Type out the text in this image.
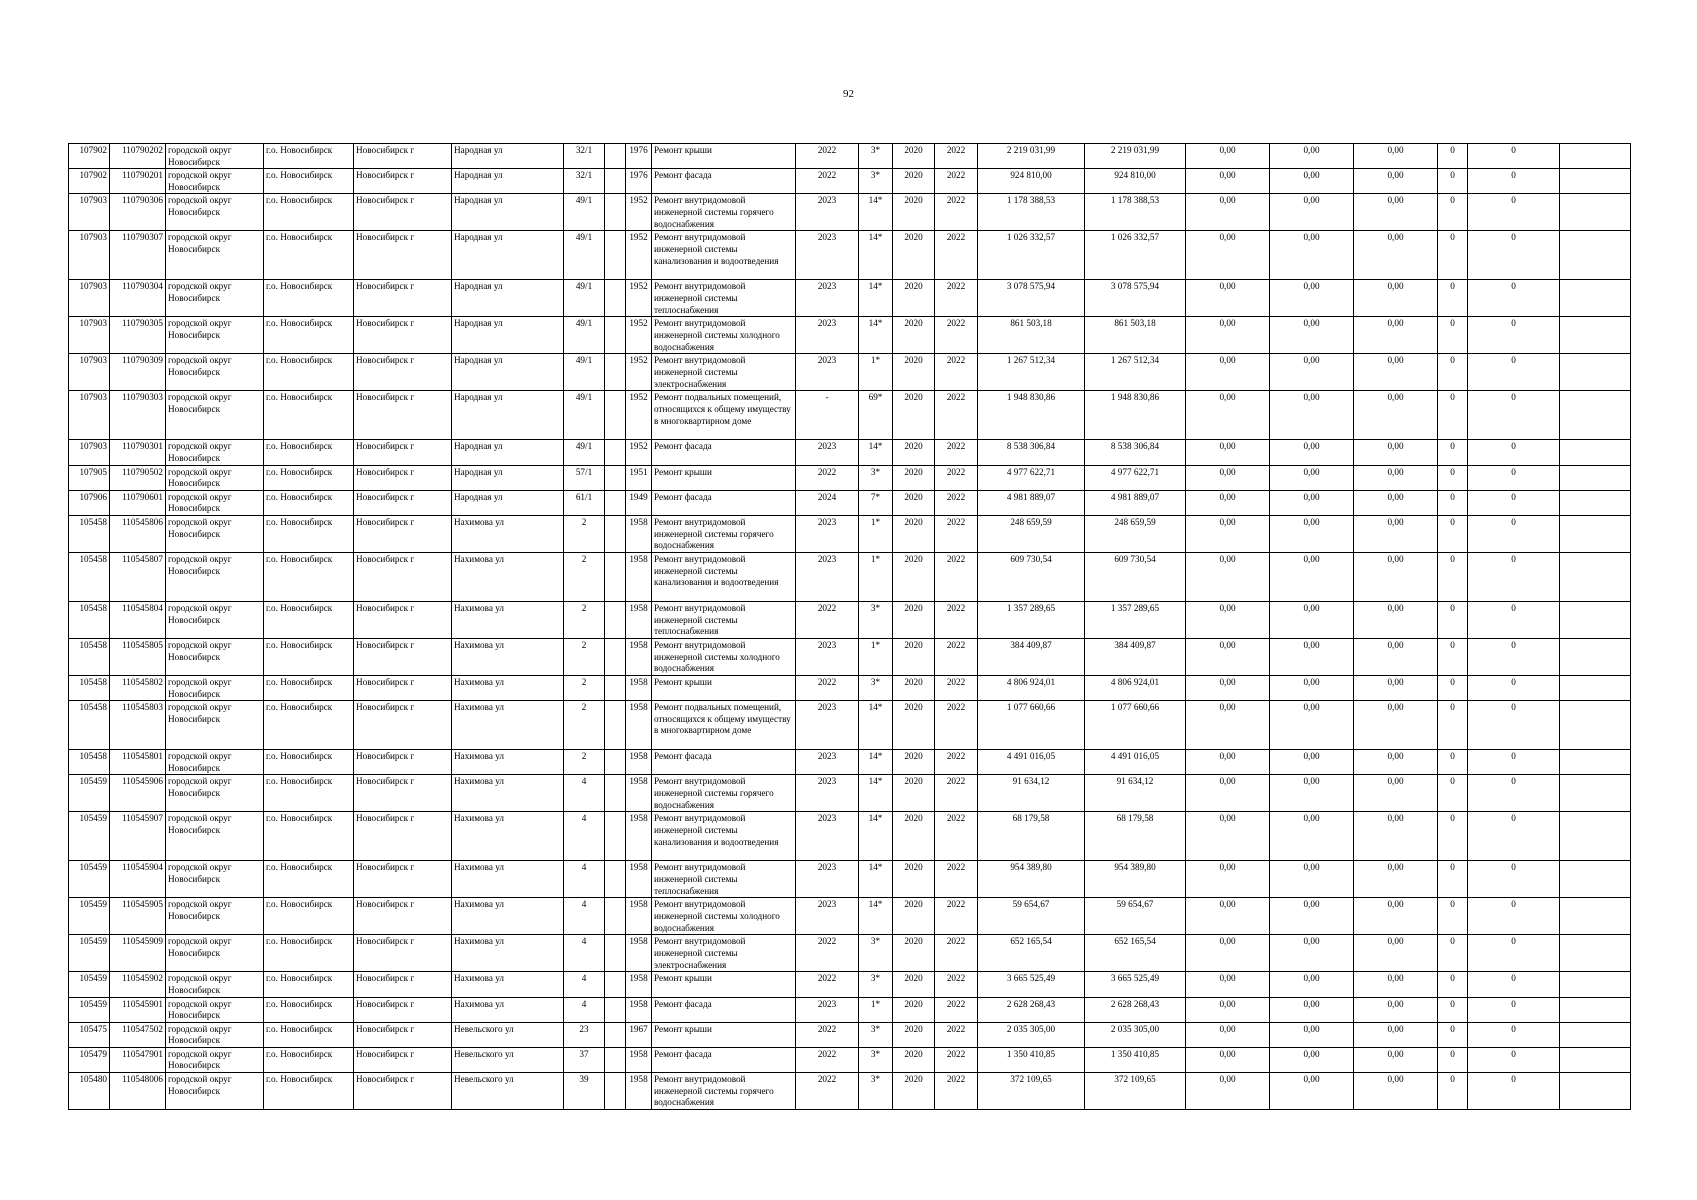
92
107902	110790202	городской округ Новосибирск	г.о. Новосибирск	Новосибирск г	Народная ул	32/1		1976	Ремонт крыши	2022	3*	2020	2022	2 219 031,99	2 219 031,99	0,00	0,00	0,00	0	0	
107902	110790201	городской округ Новосибирск	г.о. Новосибирск	Новосибирск г	Народная ул	32/1		1976	Ремонт фасада	2022	3*	2020	2022	924 810,00	924 810,00	0,00	0,00	0,00	0	0	
107903	110790306	городской округ Новосибирск	г.о. Новосибирск	Новосибирск г	Народная ул	49/1		1952	Ремонт внутридомовой инженерной системы горячего водоснабжения	2023	14*	2020	2022	1 178 388,53	1 178 388,53	0,00	0,00	0,00	0	0	
107903	110790307	городской округ Новосибирск	г.о. Новосибирск	Новосибирск г	Народная ул	49/1		1952	Ремонт внутридомовой инженерной системы канализования и водоотведения	2023	14*	2020	2022	1 026 332,57	1 026 332,57	0,00	0,00	0,00	0	0	
107903	110790304	городской округ Новосибирск	г.о. Новосибирск	Новосибирск г	Народная ул	49/1		1952	Ремонт внутридомовой инженерной системы теплоснабжения	2023	14*	2020	2022	3 078 575,94	3 078 575,94	0,00	0,00	0,00	0	0	
107903	110790305	городской округ Новосибирск	г.о. Новосибирск	Новосибирск г	Народная ул	49/1		1952	Ремонт внутридомовой инженерной системы холодного водоснабжения	2023	14*	2020	2022	861 503,18	861 503,18	0,00	0,00	0,00	0	0	
107903	110790309	городской округ Новосибирск	г.о. Новосибирск	Новосибирск г	Народная ул	49/1		1952	Ремонт внутридомовой инженерной системы электроснабжения	2023	1*	2020	2022	1 267 512,34	1 267 512,34	0,00	0,00	0,00	0	0	
107903	110790303	городской округ Новосибирск	г.о. Новосибирск	Новосибирск г	Народная ул	49/1		1952	Ремонт подвальных помещений, относящихся к общему имуществу в многоквартирном доме	-	69*	2020	2022	1 948 830,86	1 948 830,86	0,00	0,00	0,00	0	0	
107903	110790301	городской округ Новосибирск	г.о. Новосибирск	Новосибирск г	Народная ул	49/1		1952	Ремонт фасада	2023	14*	2020	2022	8 538 306,84	8 538 306,84	0,00	0,00	0,00	0	0	
107905	110790502	городской округ Новосибирск	г.о. Новосибирск	Новосибирск г	Народная ул	57/1		1951	Ремонт крыши	2022	3*	2020	2022	4 977 622,71	4 977 622,71	0,00	0,00	0,00	0	0	
107906	110790601	городской округ Новосибирск	г.о. Новосибирск	Новосибирск г	Народная ул	61/1		1949	Ремонт фасада	2024	7*	2020	2022	4 981 889,07	4 981 889,07	0,00	0,00	0,00	0	0	
105458	110545806	городской округ Новосибирск	г.о. Новосибирск	Новосибирск г	Нахимова ул	2		1958	Ремонт внутридомовой инженерной системы горячего водоснабжения	2023	1*	2020	2022	248 659,59	248 659,59	0,00	0,00	0,00	0	0	
105458	110545807	городской округ Новосибирск	г.о. Новосибирск	Новосибирск г	Нахимова ул	2		1958	Ремонт внутридомовой инженерной системы канализования и водоотведения	2023	1*	2020	2022	609 730,54	609 730,54	0,00	0,00	0,00	0	0	
105458	110545804	городской округ Новосибирск	г.о. Новосибирск	Новосибирск г	Нахимова ул	2		1958	Ремонт внутридомовой инженерной системы теплоснабжения	2022	3*	2020	2022	1 357 289,65	1 357 289,65	0,00	0,00	0,00	0	0	
105458	110545805	городской округ Новосибирск	г.о. Новосибирск	Новосибирск г	Нахимова ул	2		1958	Ремонт внутридомовой инженерной системы холодного водоснабжения	2023	1*	2020	2022	384 409,87	384 409,87	0,00	0,00	0,00	0	0	
105458	110545802	городской округ Новосибирск	г.о. Новосибирск	Новосибирск г	Нахимова ул	2		1958	Ремонт крыши	2022	3*	2020	2022	4 806 924,01	4 806 924,01	0,00	0,00	0,00	0	0	
105458	110545803	городской округ Новосибирск	г.о. Новосибирск	Новосибирск г	Нахимова ул	2		1958	Ремонт подвальных помещений, относящихся к общему имуществу в многоквартирном доме	2023	14*	2020	2022	1 077 660,66	1 077 660,66	0,00	0,00	0,00	0	0	
105458	110545801	городской округ Новосибирск	г.о. Новосибирск	Новосибирск г	Нахимова ул	2		1958	Ремонт фасада	2023	14*	2020	2022	4 491 016,05	4 491 016,05	0,00	0,00	0,00	0	0	
105459	110545906	городской округ Новосибирск	г.о. Новосибирск	Новосибирск г	Нахимова ул	4		1958	Ремонт внутридомовой инженерной системы горячего водоснабжения	2023	14*	2020	2022	91 634,12	91 634,12	0,00	0,00	0,00	0	0	
105459	110545907	городской округ Новосибирск	г.о. Новосибирск	Новосибирск г	Нахимова ул	4		1958	Ремонт внутридомовой инженерной системы канализования и водоотведения	2023	14*	2020	2022	68 179,58	68 179,58	0,00	0,00	0,00	0	0	
105459	110545904	городской округ Новосибирск	г.о. Новосибирск	Новосибирск г	Нахимова ул	4		1958	Ремонт внутридомовой инженерной системы теплоснабжения	2023	14*	2020	2022	954 389,80	954 389,80	0,00	0,00	0,00	0	0	
105459	110545905	городской округ Новосибирск	г.о. Новосибирск	Новосибирск г	Нахимова ул	4		1958	Ремонт внутридомовой инженерной системы холодного водоснабжения	2023	14*	2020	2022	59 654,67	59 654,67	0,00	0,00	0,00	0	0	
105459	110545909	городской округ Новосибирск	г.о. Новосибирск	Новосибирск г	Нахимова ул	4		1958	Ремонт внутридомовой инженерной системы электроснабжения	2022	3*	2020	2022	652 165,54	652 165,54	0,00	0,00	0,00	0	0	
105459	110545902	городской округ Новосибирск	г.о. Новосибирск	Новосибирск г	Нахимова ул	4		1958	Ремонт крыши	2022	3*	2020	2022	3 665 525,49	3 665 525,49	0,00	0,00	0,00	0	0	
105459	110545901	городской округ Новосибирск	г.о. Новосибирск	Новосибирск г	Нахимова ул	4		1958	Ремонт фасада	2023	1*	2020	2022	2 628 268,43	2 628 268,43	0,00	0,00	0,00	0	0	
105475	110547502	городской округ Новосибирск	г.о. Новосибирск	Новосибирск г	Невельского ул	23		1967	Ремонт крыши	2022	3*	2020	2022	2 035 305,00	2 035 305,00	0,00	0,00	0,00	0	0	
105479	110547901	городской округ Новосибирск	г.о. Новосибирск	Новосибирск г	Невельского ул	37		1958	Ремонт фасада	2022	3*	2020	2022	1 350 410,85	1 350 410,85	0,00	0,00	0,00	0	0	
105480	110548006	городской округ Новосибирск	г.о. Новосибирск	Новосибирск г	Невельского ул	39		1958	Ремонт внутридомовой инженерной системы горячего водоснабжения	2022	3*	2020	2022	372 109,65	372 109,65	0,00	0,00	0,00	0	0	
